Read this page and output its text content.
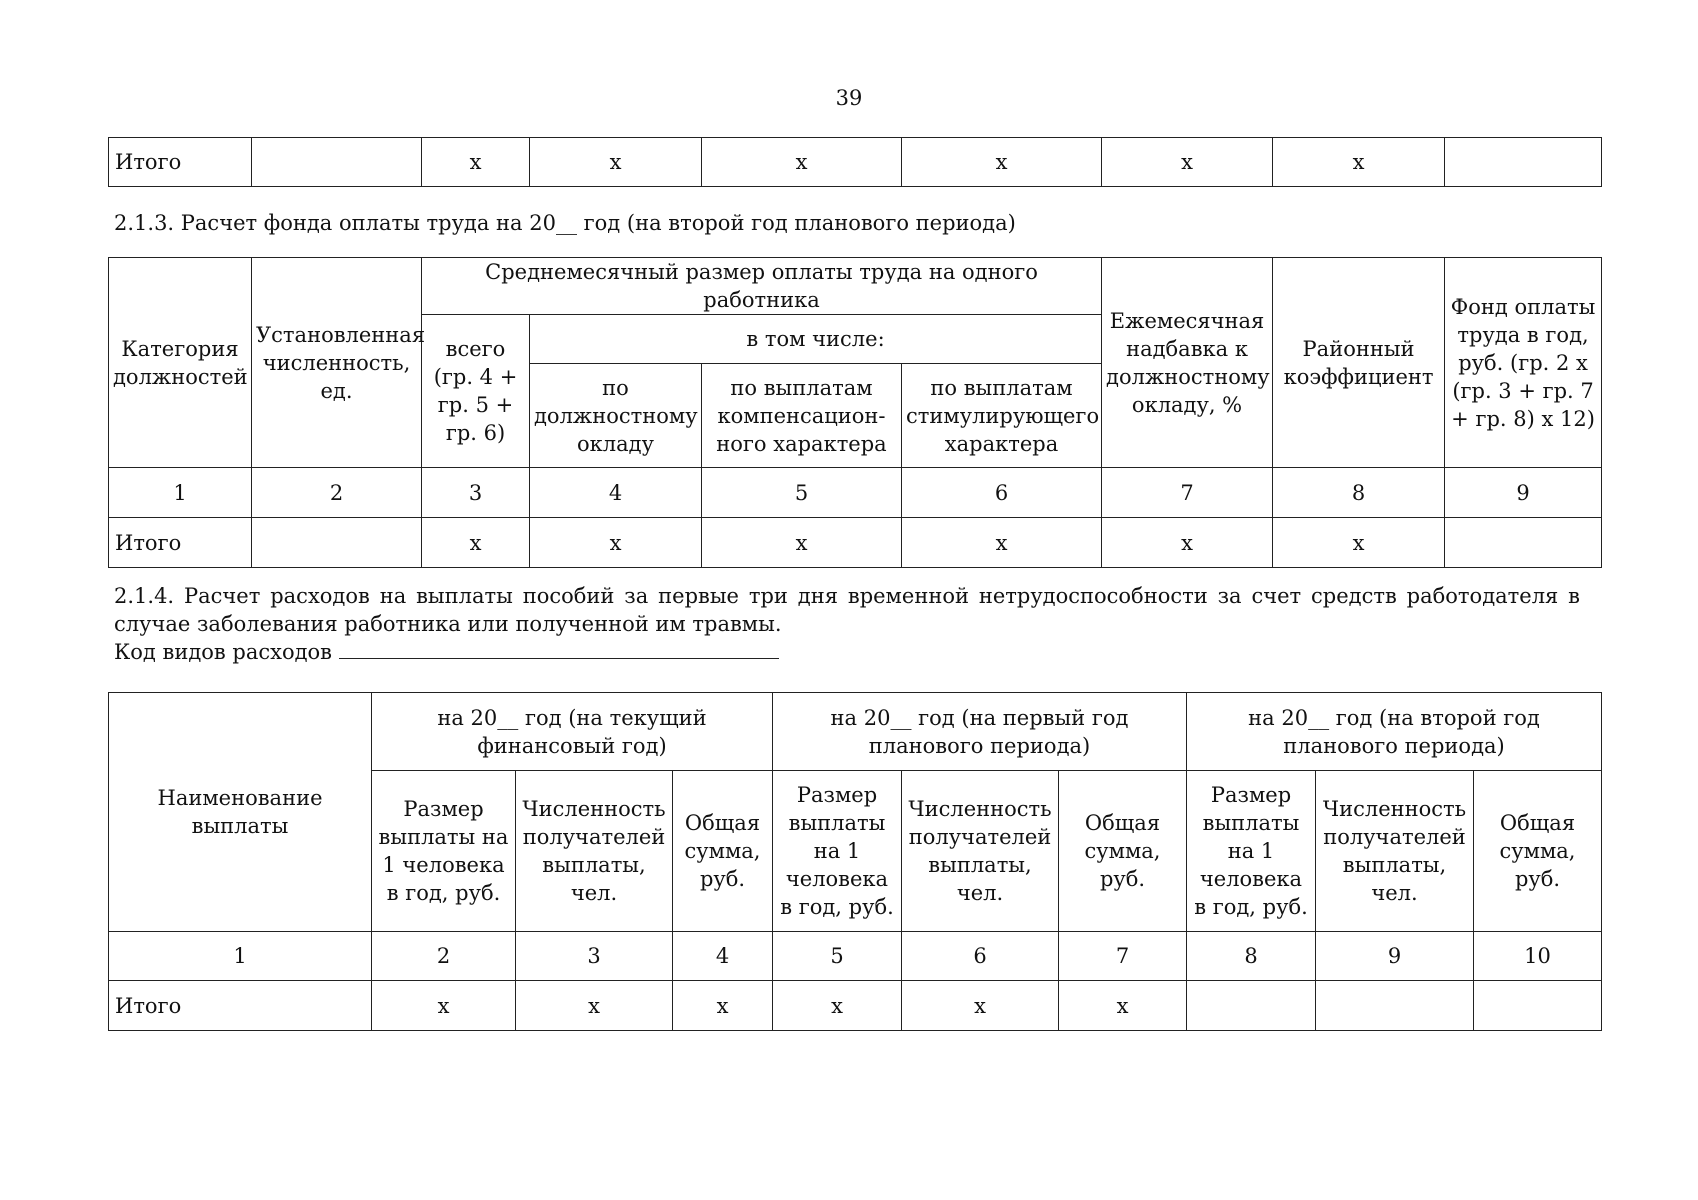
39
Итого		x	x	x	x	x	x	
2.1.3. Расчет фонда оплаты труда на 20__ год (на второй год планового периода)
Категория должностей	Установленная численность, ед.	Среднемесячный размер оплаты труда на одного работника				Ежемесячная надбавка к должностному окладу, %	Районный коэффициент	Фонд оплаты труда в год, руб. (гр. 2 х (гр. 3 + гр. 7 + гр. 8) х 12)
		всего (гр. 4 + гр. 5 + гр. 6)	в том числе:					
			по должностному окладу	по выплатам компенсацион-ного характера	по выплатам стимулирующего характера			
1	2	3	4	5	6	7	8	9
Итого		x	x	x	x	x	x	
2.1.4. Расчет расходов на выплаты пособий за первые три дня временной нетрудоспособности за счет средств работодателя в случае заболевания работника или полученной им травмы.
Код видов расходов
Наименование выплаты	на 20__ год (на текущий финансовый год)			на 20__ год (на первый год планового периода)			на 20__ год (на второй год планового периода)		
	Размер выплаты на 1 человека в год, руб.	Численность получателей выплаты, чел.	Общая сумма, руб.	Размер выплаты на 1 человека в год, руб.	Численность получателей выплаты, чел.	Общая сумма, руб.	Размер выплаты на 1 человека в год, руб.	Численность получателей выплаты, чел.	Общая сумма, руб.
1	2	3	4	5	6	7	8	9	10
Итого	x	x	x	x	x	x			
